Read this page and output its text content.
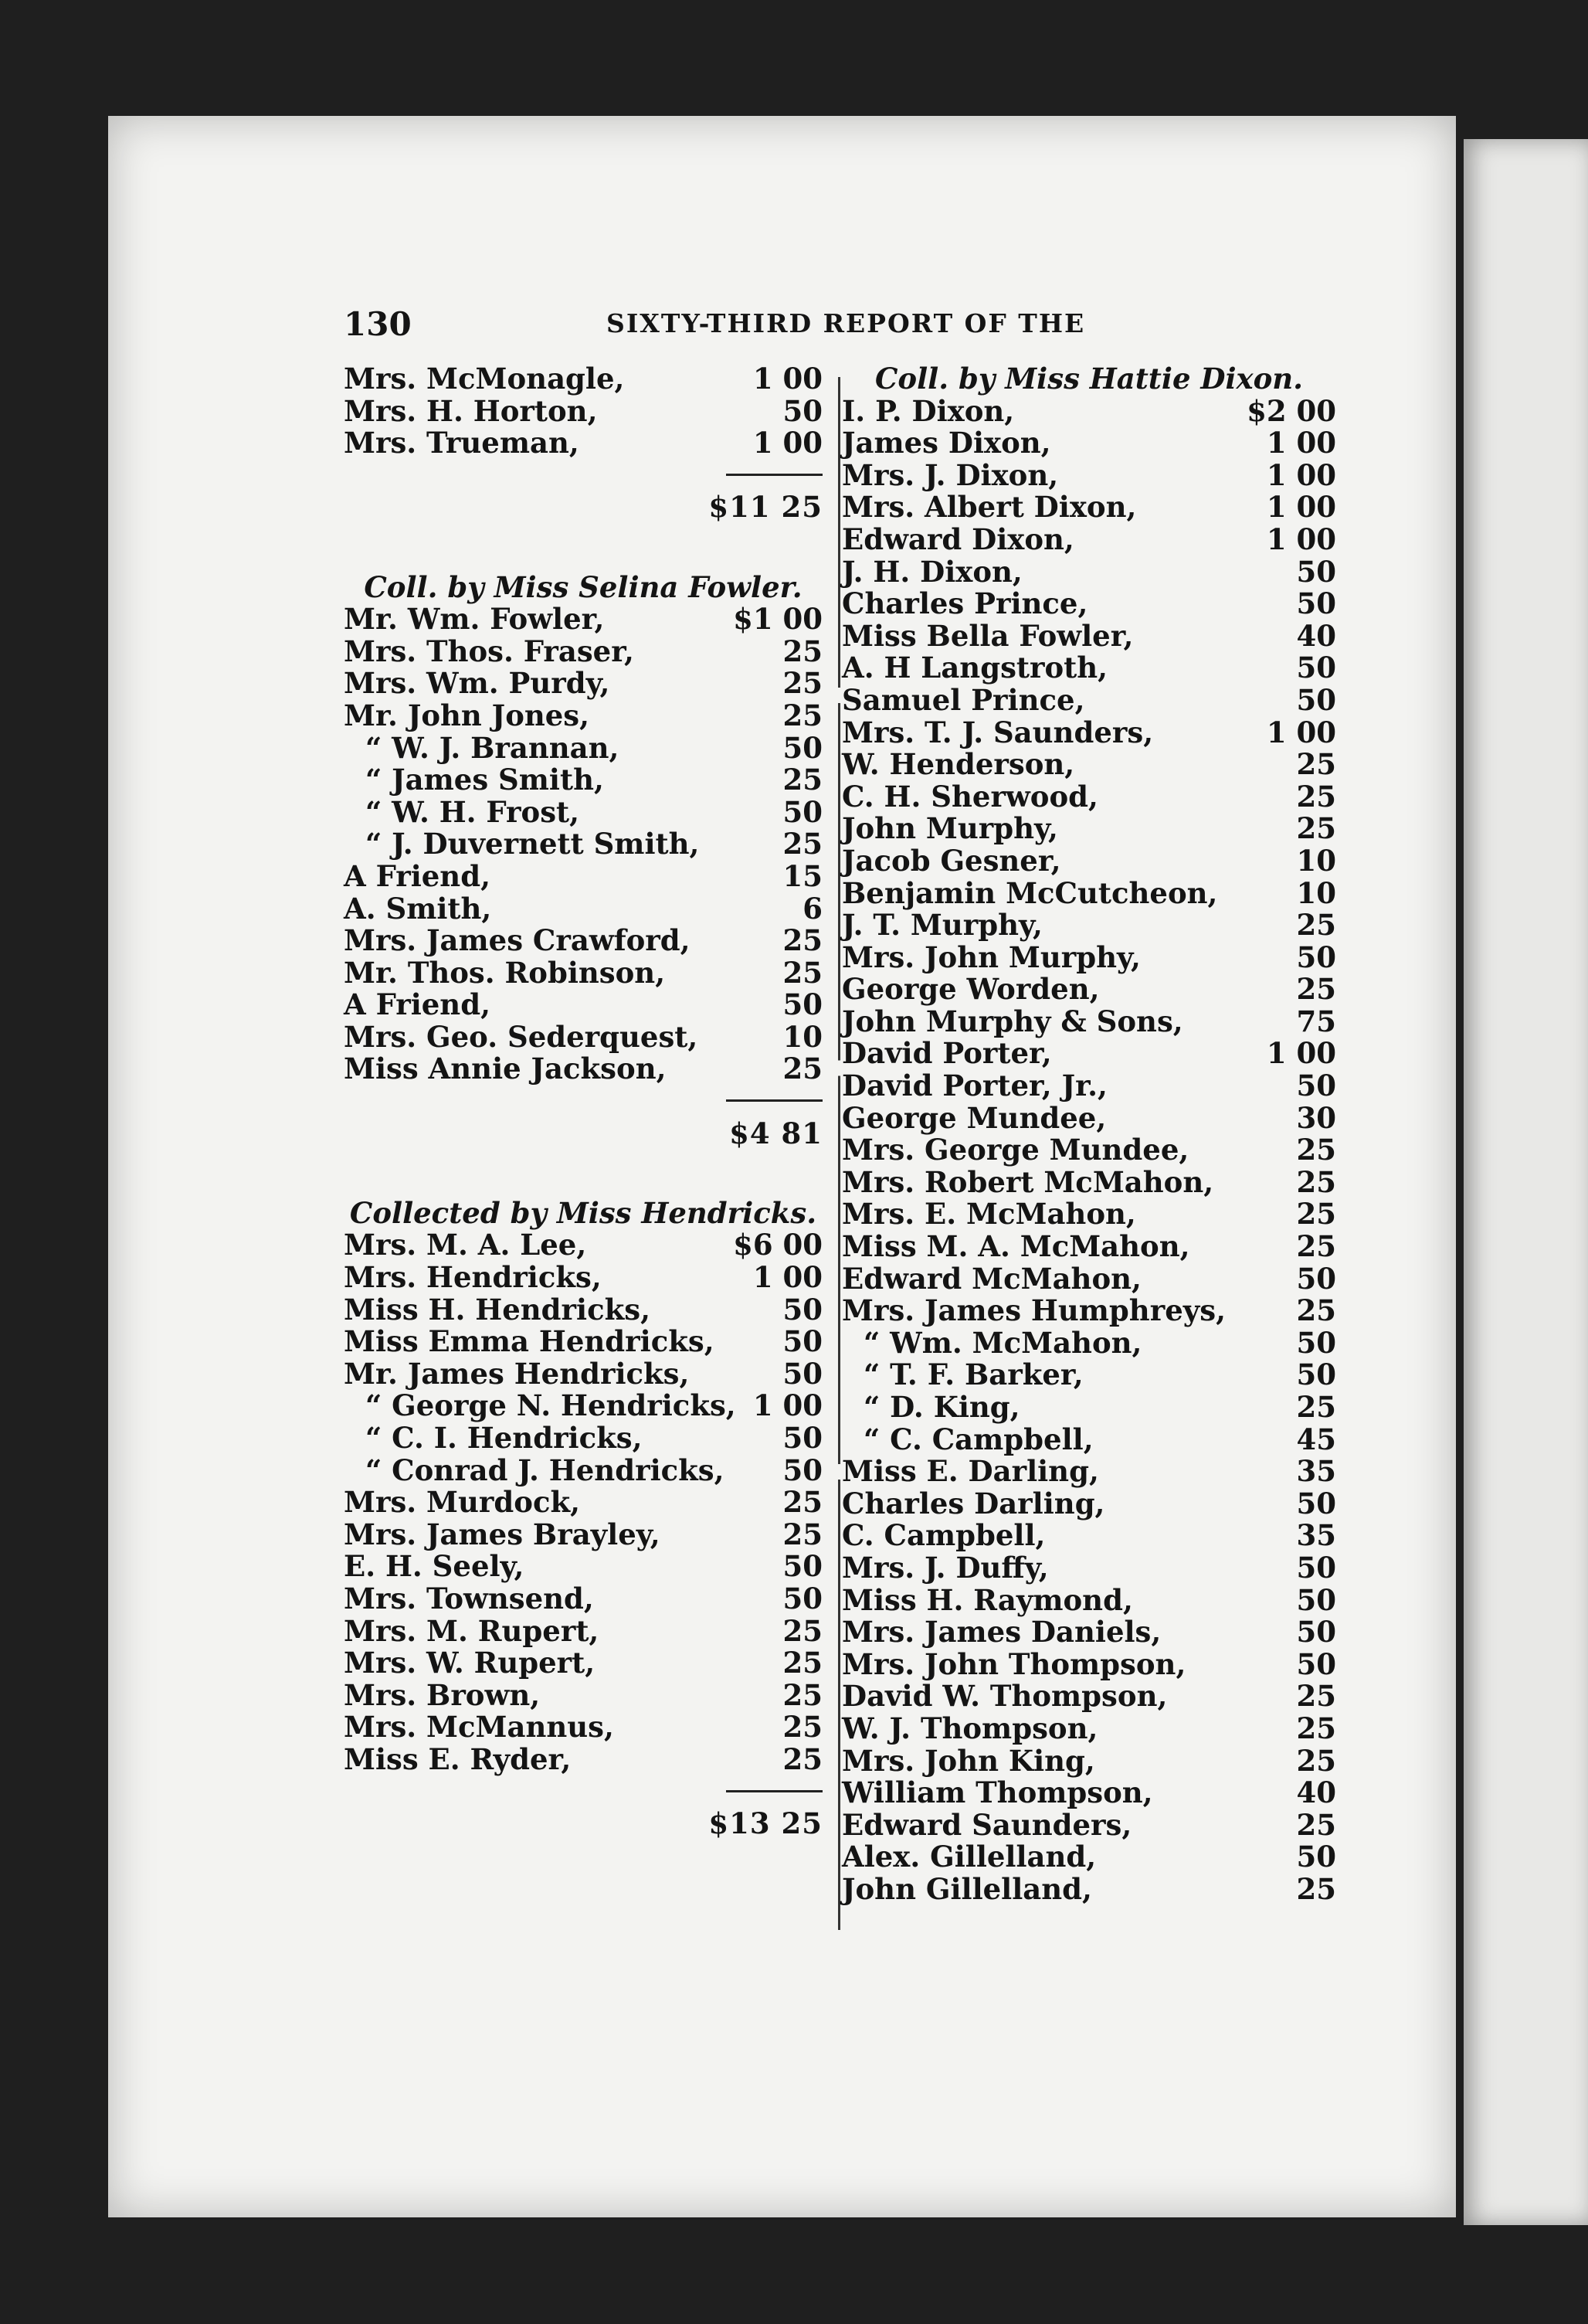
130	SIXTY-THIRD REPORT OF THE
Mrs. McMonagle,	1 00
Mrs. H. Horton,	50
Mrs. Trueman,	1 00
$11 25
Coll. by Miss Selina Fowler.
Mr. Wm. Fowler,	$1 00
Mrs. Thos. Fraser,	25
Mrs. Wm. Purdy,	25
Mr. John Jones,	25
“ W. J. Brannan,	50
“ James Smith,	25
“ W. H. Frost,	50
“ J. Duvernett Smith,	25
A Friend,	15
A. Smith,	6
Mrs. James Crawford,	25
Mr. Thos. Robinson,	25
A Friend,	50
Mrs. Geo. Sederquest,	10
Miss Annie Jackson,	25
$4 81
Collected by Miss Hendricks.
Mrs. M. A. Lee,	$6 00
Mrs. Hendricks,	1 00
Miss H. Hendricks,	50
Miss Emma Hendricks, 50
Mr. James Hendricks,	50
“ George N. Hendricks, 1 00
“ C. I. Hendricks,	50
“ Conrad J. Hendricks, 50
Mrs. Murdock,	25
Mrs. James Brayley,	25
E. H. Seely,	50
Mrs. Townsend,	50
Mrs. M. Rupert,	25
Mrs. W. Rupert,	25
Mrs. Brown,	25
Mrs. McMannus,	25
Miss E. Ryder,	25
$13 25
Coll. by Miss Hattie Dixon.
I. P. Dixon,	$2 00
James Dixon,	1 00
Mrs. J. Dixon,	1 00
Mrs. Albert Dixon,	1 00
Edward Dixon,	1 00
J. H. Dixon,	50
Charles Prince,	50
Miss Bella Fowler,	40
A. H Langstroth,	50
Samuel Prince,	50
Mrs. T. J. Saunders,	1 00
W. Henderson,	25
C. H. Sherwood,	25
John Murphy,	25
Jacob Gesner,	10
Benjamin McCutcheon,	10
J. T. Murphy,	25
Mrs. John Murphy,	50
George Worden,	25
John Murphy & Sons,	75
David Porter,	1 00
David Porter, Jr.,	50
George Mundee,	30
Mrs. George Mundee,	25
Mrs. Robert McMahon,	25
Mrs. E. McMahon,	25
Miss M. A. McMahon,	25
Edward McMahon,	50
Mrs. James Humphreys, 25
“ Wm. McMahon,	50
“ T. F. Barker,	50
“ D. King,	25
“ C. Campbell,	45
Miss E. Darling,	35
Charles Darling,	50
C. Campbell,	35
Mrs. J. Duffy,	50
Miss H. Raymond,	50
Mrs. James Daniels,	50
Mrs. John Thompson,	50
David W. Thompson,	25
W. J. Thompson,	25
Mrs. John King,	25
William Thompson,	40
Edward Saunders,	25
Alex. Gillelland,	50
John Gillelland,	25
